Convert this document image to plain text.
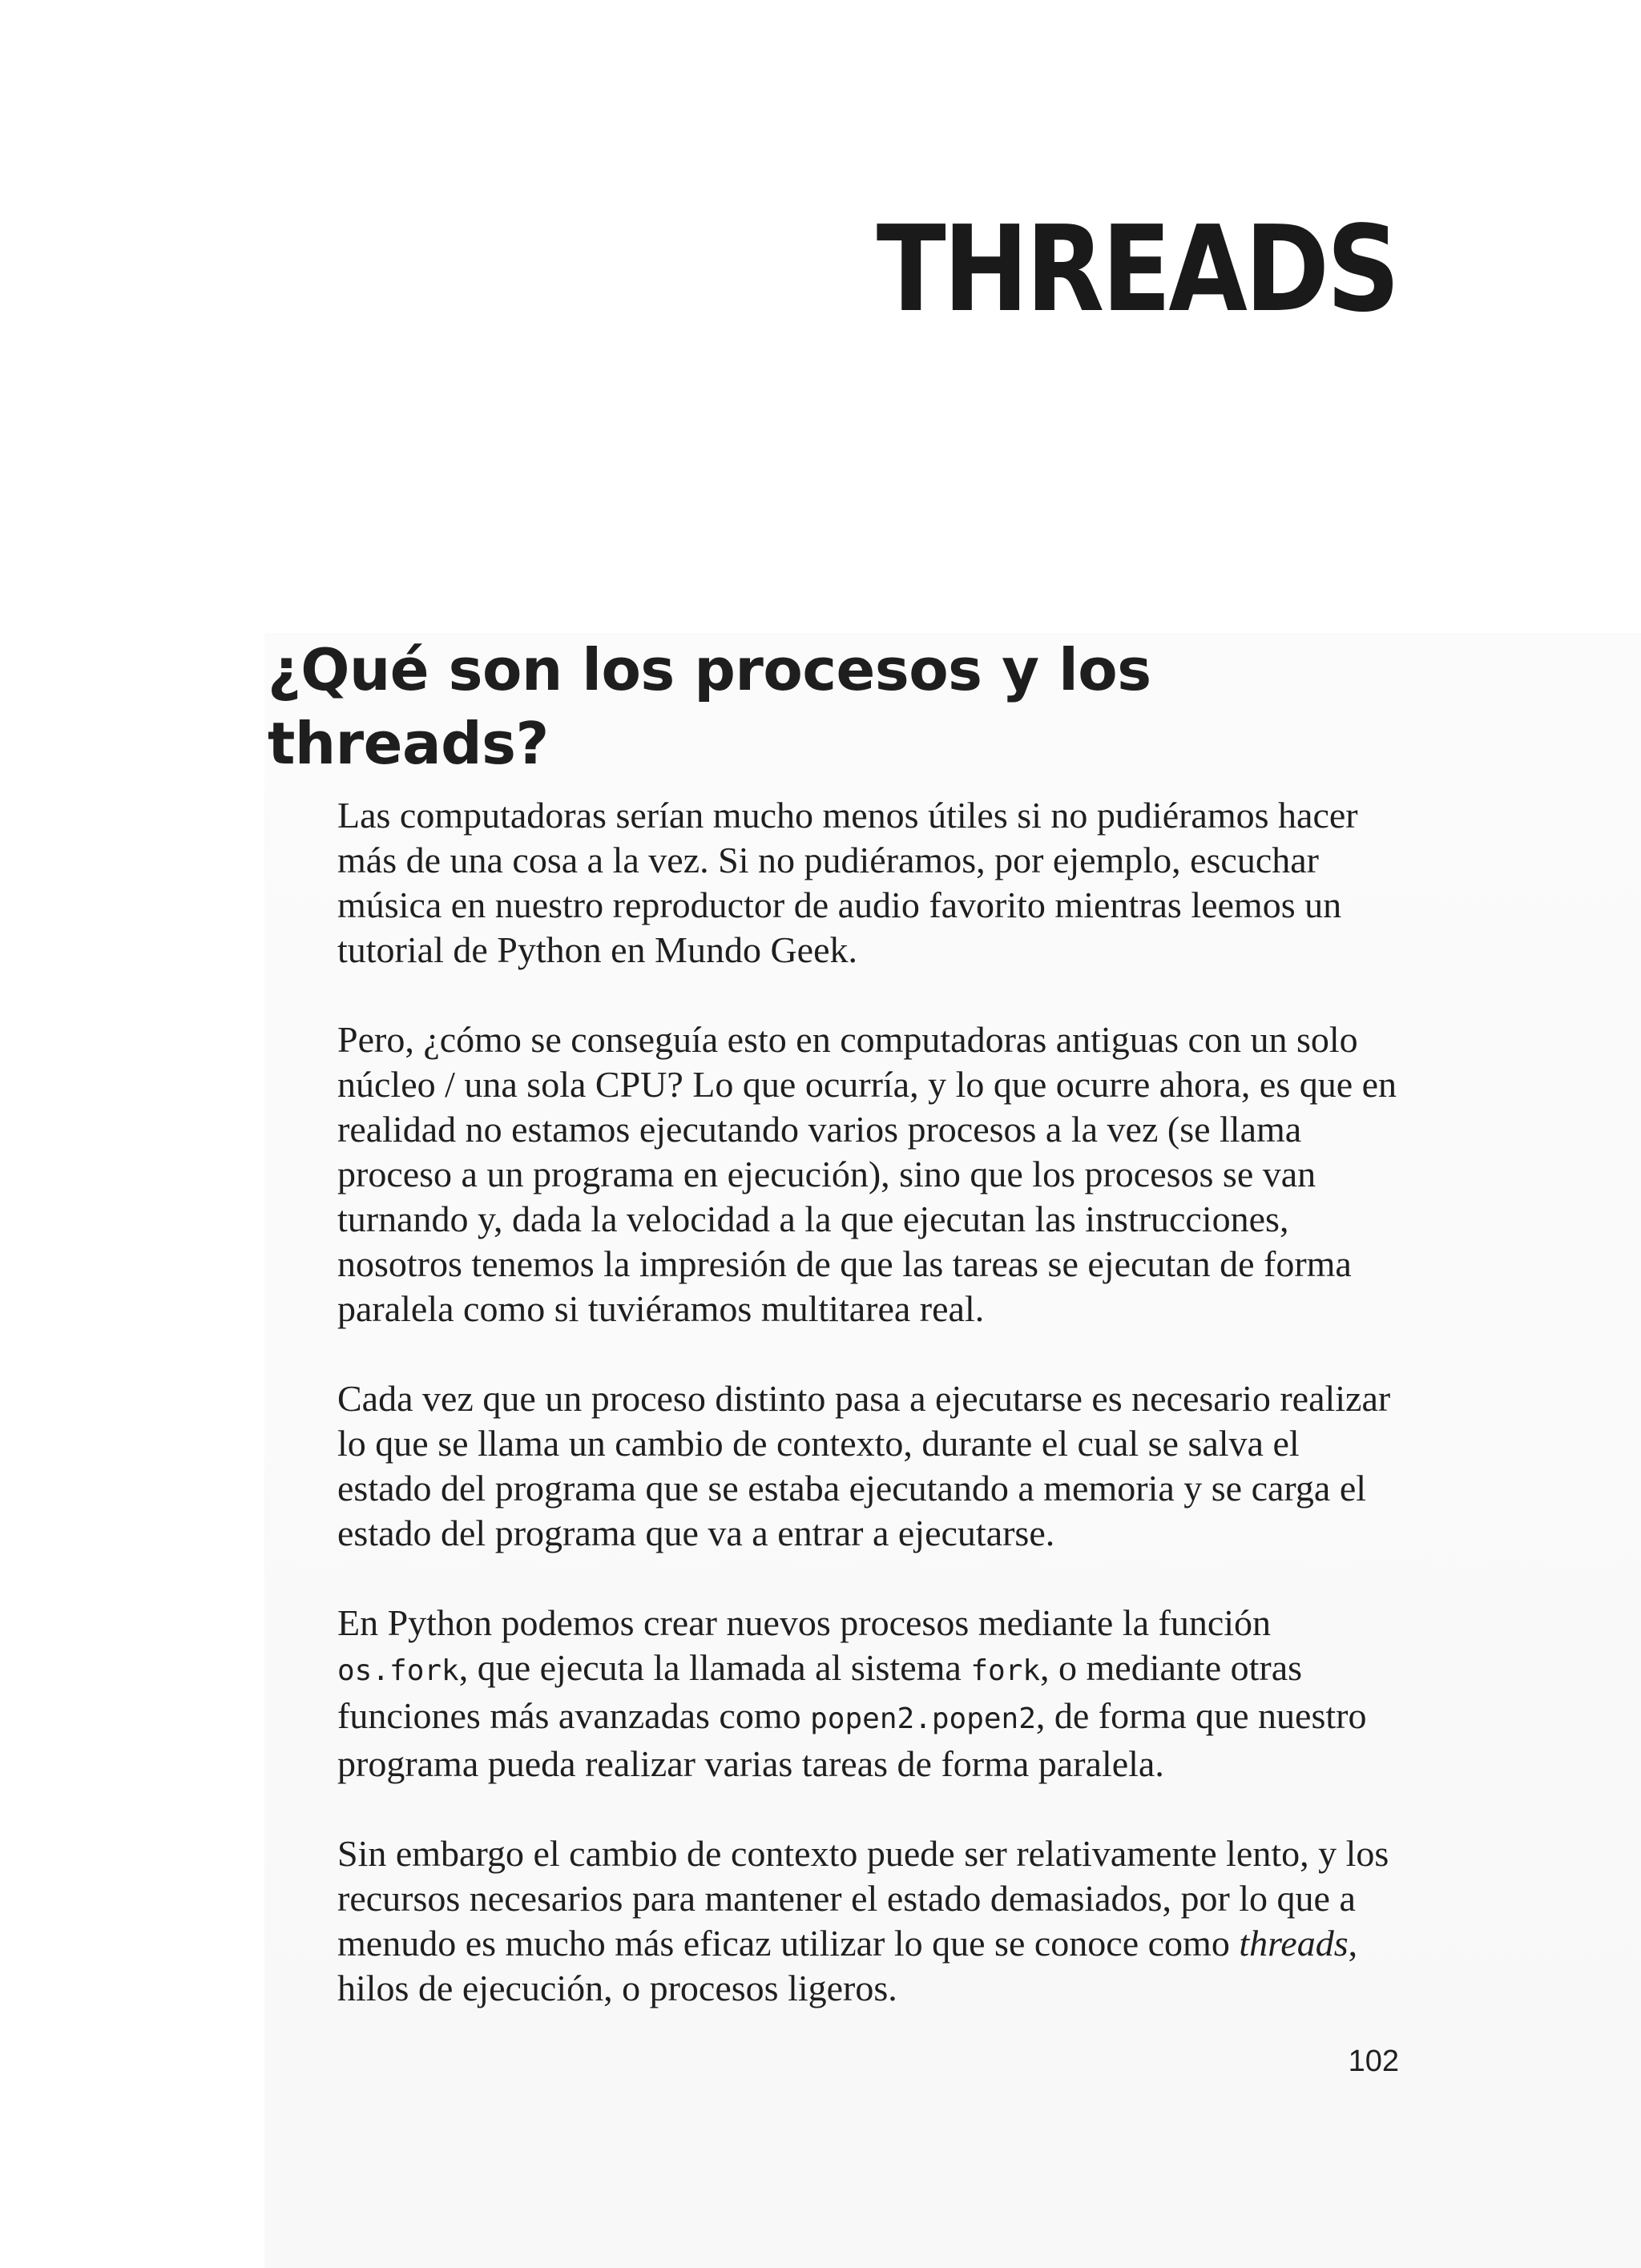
THREADS
¿Qué son los procesos y los threads?

Las computadoras serían mucho menos útiles si no pudiéramos hacer más de una cosa a la vez. Si no pudiéramos, por ejemplo, escuchar música en nuestro reproductor de audio favorito mientras leemos un tutorial de Python en Mundo Geek.

Pero, ¿cómo se conseguía esto en computadoras antiguas con un solo núcleo / una sola CPU? Lo que ocurría, y lo que ocurre ahora, es que en realidad no estamos ejecutando varios procesos a la vez (se llama proceso a un programa en ejecución), sino que los procesos se van turnando y, dada la velocidad a la que ejecutan las instrucciones, nosotros tenemos la impresión de que las tareas se ejecutan de forma paralela como si tuviéramos multitarea real.

Cada vez que un proceso distinto pasa a ejecutarse es necesario realizar lo que se llama un cambio de contexto, durante el cual se salva el estado del programa que se estaba ejecutando a memoria y se carga el estado del programa que va a entrar a ejecutarse.

En Python podemos crear nuevos procesos mediante la función os.fork, que ejecuta la llamada al sistema fork, o mediante otras funciones más avanzadas como popen2.popen2, de forma que nuestro programa pueda realizar varias tareas de forma paralela.

Sin embargo el cambio de contexto puede ser relativamente lento, y los recursos necesarios para mantener el estado demasiados, por lo que a menudo es mucho más eficaz utilizar lo que se conoce como threads, hilos de ejecución, o procesos ligeros.

102
